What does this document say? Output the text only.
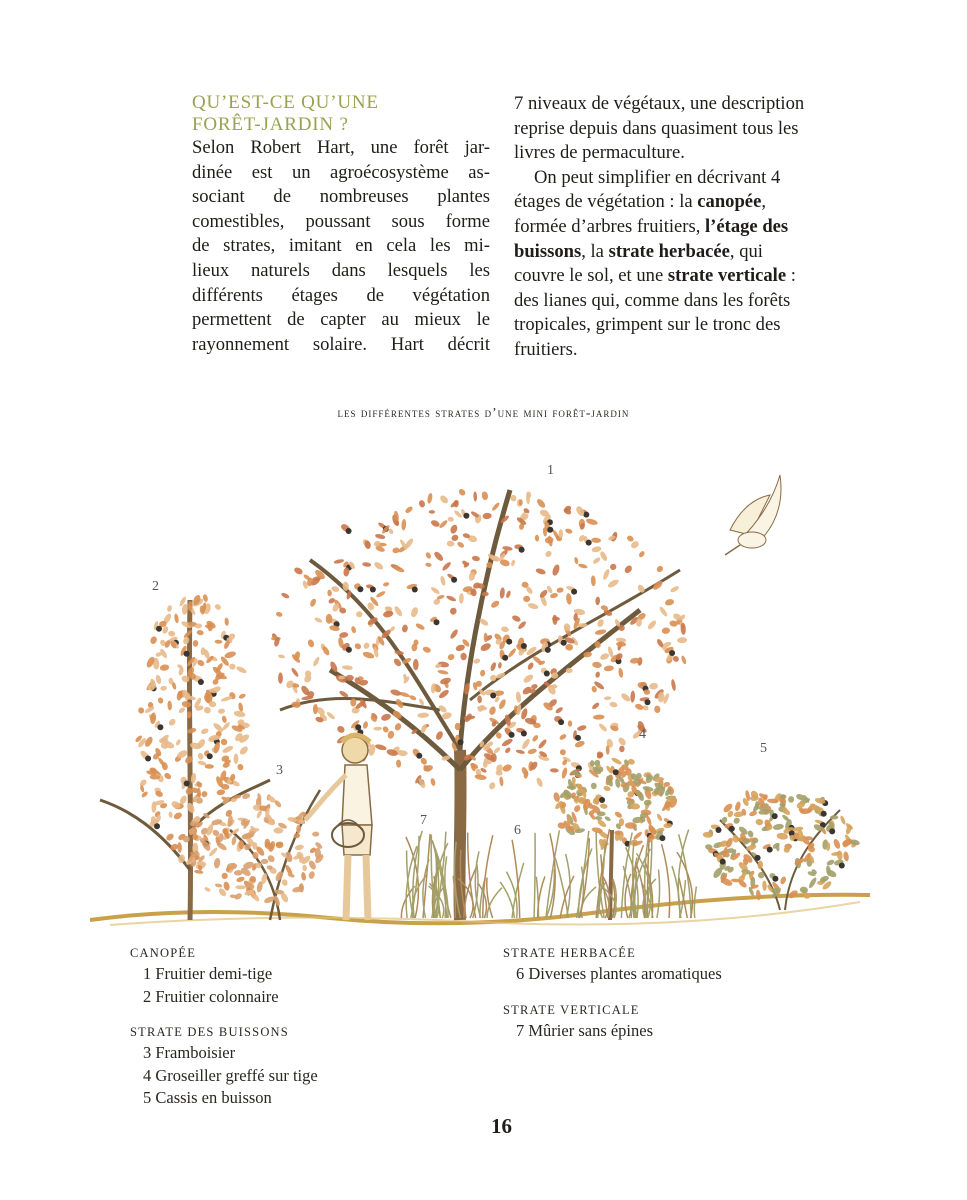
QU’EST-CE QU’UNE
FORÊT-JARDIN ?
Selon Robert Hart, une forêt jar-
dinée est un agroécosystème as-
sociant de nombreuses plantes
comestibles, poussant sous forme
de strates, imitant en cela les mi-
lieux naturels dans lesquels les
différents étages de végétation
permettent de capter au mieux le
rayonnement solaire. Hart décrit

7 niveaux de végétaux, une description reprise depuis dans quasiment tous les livres de permaculture.

On peut simplifier en décrivant 4 étages de végétation : la canopée, formée d’arbres fruitiers, l’étage des buissons, la strate herbacée, qui couvre le sol, et une strate verticale : des lianes qui, comme dans les forêts tropicales, grimpent sur le tronc des fruitiers.

les différentes strates d’une mini forêt-jardin
1
2
3
4
5
6
7
CANOPÉE
1 Fruitier demi-tige
2 Fruitier colonnaire
STRATE DES BUISSONS
3 Framboisier
4 Groseiller greffé sur tige
5 Cassis en buisson
STRATE HERBACÉE
6 Diverses plantes aromatiques
STRATE VERTICALE
7 Mûrier sans épines
16
